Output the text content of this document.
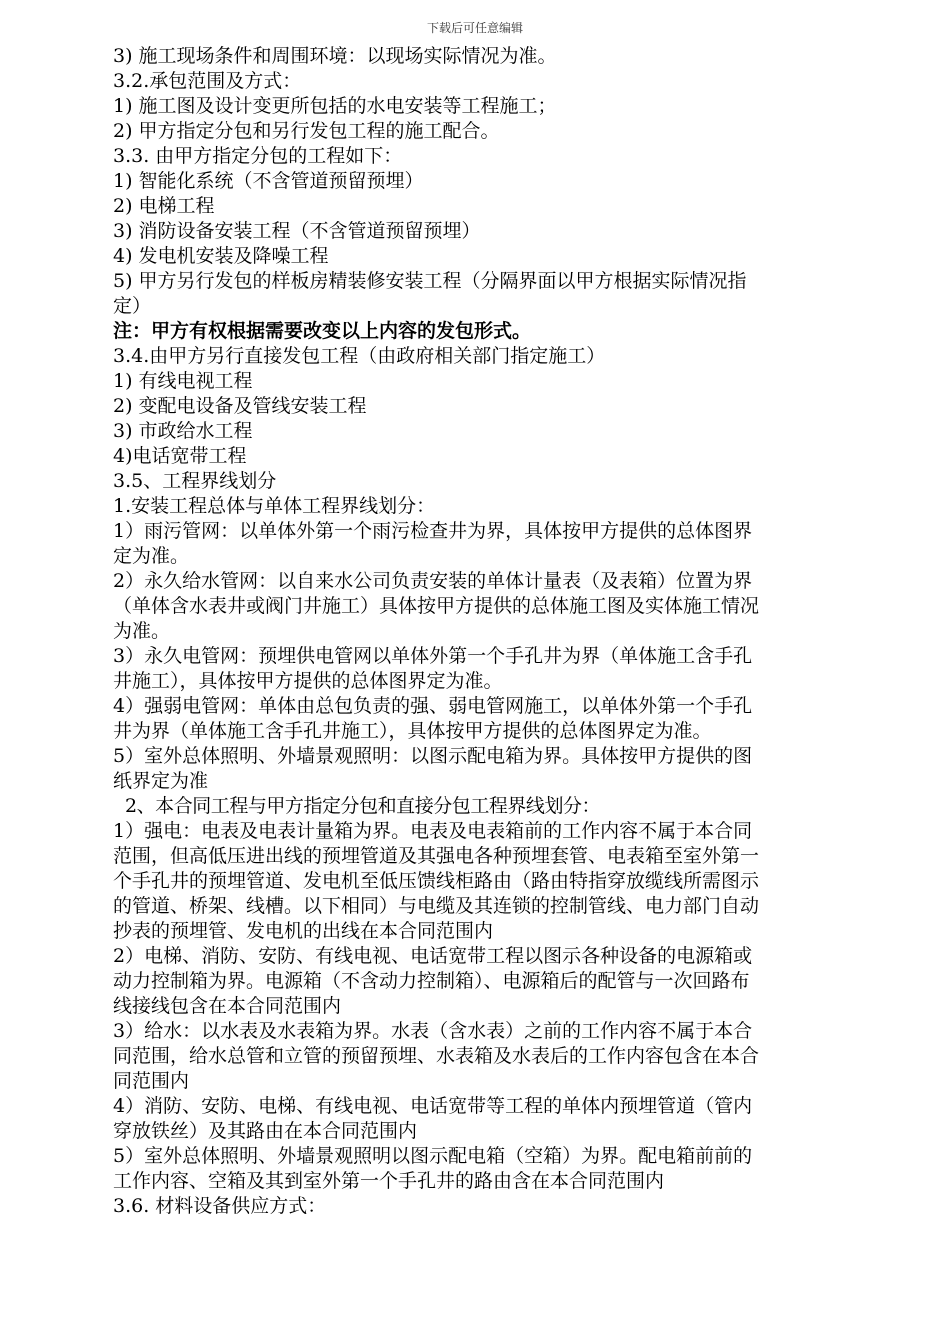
下载后可任意编辑
3) 施工现场条件和周围环境：以现场实际情况为准。
3.2.承包范围及方式：
1) 施工图及设计变更所包括的水电安装等工程施工；
2) 甲方指定分包和另行发包工程的施工配合。
3.3. 由甲方指定分包的工程如下：
1) 智能化系统（不含管道预留预埋）
2) 电梯工程
3) 消防设备安装工程（不含管道预留预埋）
4) 发电机安装及降噪工程
5) 甲方另行发包的样板房精装修安装工程（分隔界面以甲方根据实际情况指
定）
注：甲方有权根据需要改变以上内容的发包形式。
3.4.由甲方另行直接发包工程（由政府相关部门指定施工）
1) 有线电视工程
2) 变配电设备及管线安装工程
3) 市政给水工程
4)电话宽带工程
3.5、工程界线划分
1.安装工程总体与单体工程界线划分：
1）雨污管网：以单体外第一个雨污检查井为界，具体按甲方提供的总体图界
定为准。
2）永久给水管网：以自来水公司负责安装的单体计量表（及表箱）位置为界
（单体含水表井或阀门井施工）具体按甲方提供的总体施工图及实体施工情况
为准。
3）永久电管网：预埋供电管网以单体外第一个手孔井为界（单体施工含手孔
井施工），具体按甲方提供的总体图界定为准。
4）强弱电管网：单体由总包负责的强、弱电管网施工，以单体外第一个手孔
井为界（单体施工含手孔井施工），具体按甲方提供的总体图界定为准。
5）室外总体照明、外墙景观照明：以图示配电箱为界。具体按甲方提供的图
纸界定为准
2、本合同工程与甲方指定分包和直接分包工程界线划分：
1）强电：电表及电表计量箱为界。电表及电表箱前的工作内容不属于本合同
范围，但高低压进出线的预埋管道及其强电各种预埋套管、电表箱至室外第一
个手孔井的预埋管道、发电机至低压馈线柜路由（路由特指穿放缆线所需图示
的管道、桥架、线槽。以下相同）与电缆及其连锁的控制管线、电力部门自动
抄表的预埋管、发电机的出线在本合同范围内
2）电梯、消防、安防、有线电视、电话宽带工程以图示各种设备的电源箱或
动力控制箱为界。电源箱（不含动力控制箱）、电源箱后的配管与一次回路布
线接线包含在本合同范围内
3）给水：以水表及水表箱为界。水表（含水表）之前的工作内容不属于本合
同范围，给水总管和立管的预留预埋、水表箱及水表后的工作内容包含在本合
同范围内
4）消防、安防、电梯、有线电视、电话宽带等工程的单体内预埋管道（管内
穿放铁丝）及其路由在本合同范围内
5）室外总体照明、外墙景观照明以图示配电箱（空箱）为界。配电箱前前的
工作内容、空箱及其到室外第一个手孔井的路由含在本合同范围内
3.6. 材料设备供应方式：
